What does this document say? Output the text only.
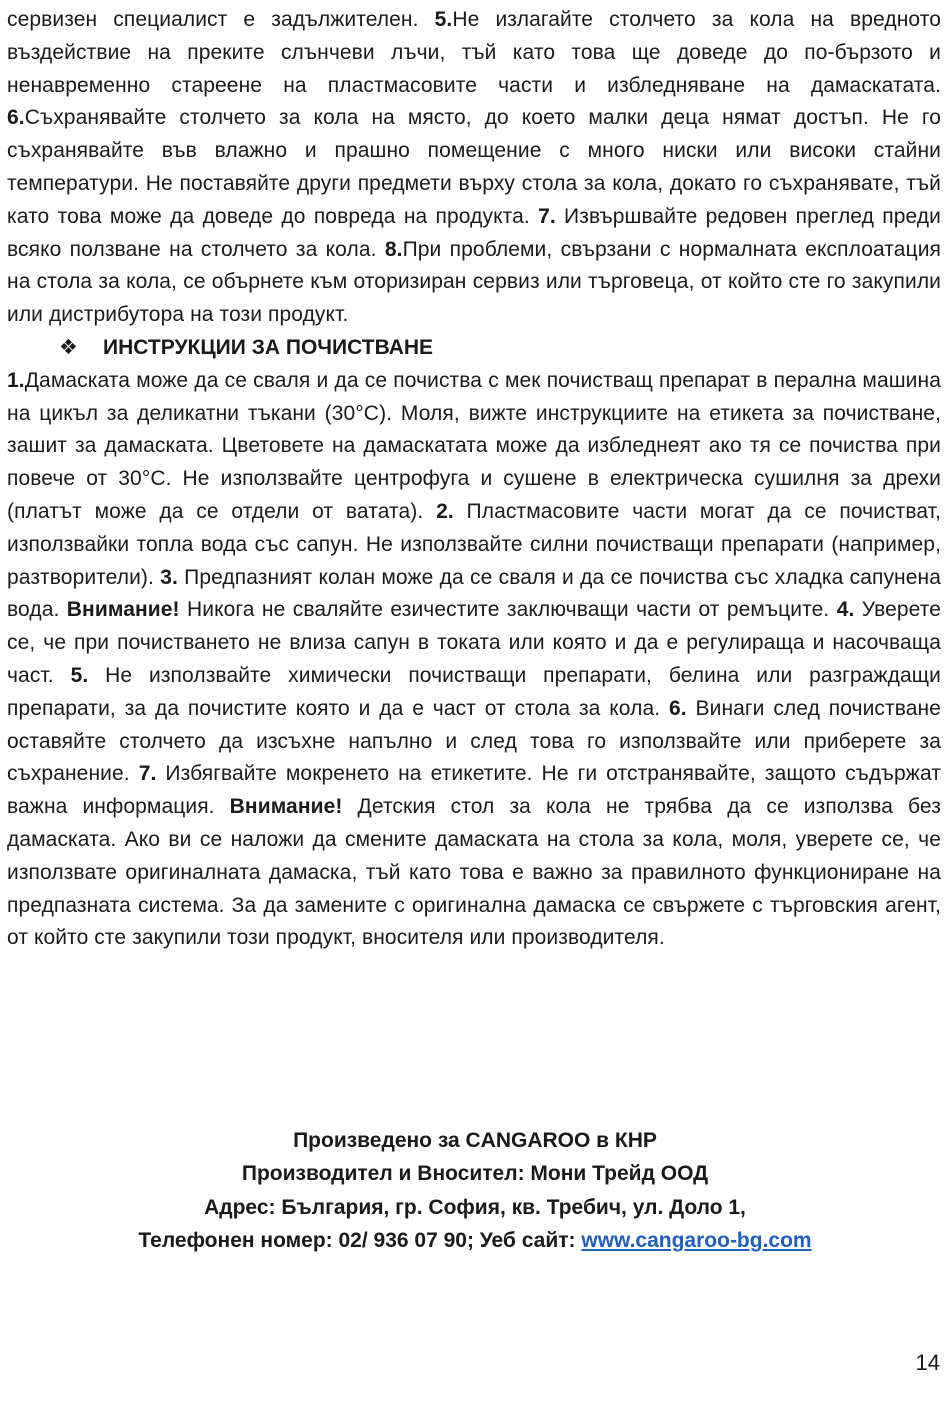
сервизен специалист е задължителен. 5.Не излагайте столчето за кола на вредното въздействие на преките слънчеви лъчи, тъй като това ще доведе до по-бързото и ненавременно стареене на пластмасовите части и избледняване на дамаскатата. 6.Съхранявайте столчето за кола на място, до което малки деца нямат достъп. Не го съхранявайте във влажно и прашно помещение с много ниски или високи стайни температури. Не поставяйте други предмети върху стола за кола, докато го съхранявате, тъй като това може да доведе до повреда на продукта. 7. Извършвайте редовен преглед преди всяко ползване на столчето за кола. 8.При проблеми, свързани с нормалната експлоатация на стола за кола, се обърнете към оторизиран сервиз или търговеца, от който сте го закупили или дистрибутора на този продукт.

❖ ИНСТРУКЦИИ ЗА ПОЧИСТВАНЕ

1.Дамаската може да се сваля и да се почиства с мек почистващ препарат в перална машина на цикъл за деликатни тъкани (30°C). Моля, вижте инструкциите на етикета за почистване, зашит за дамаската. Цветовете на дамаскатата може да избледнеят ако тя се почиства при повече от 30°C. Не използвайте центрофуга и сушене в електрическа сушилня за дрехи (платът може да се отдели от ватата). 2. Пластмасовите части могат да се почистват, използвайки топла вода със сапун. Не използвайте силни почистващи препарати (например, разтворители). 3. Предпазният колан може да се сваля и да се почиства със хладка сапунена вода. Внимание! Никога не сваляйте езичестите заключващи части от ремъците. 4. Уверете се, че при почистването не влиза сапун в токата или която и да е регулираща и насочваща част. 5. Не използвайте химически почистващи препарати, белина или разграждащи препарати, за да почистите която и да е част от стола за кола. 6. Винаги след почистване оставяйте столчето да изсъхне напълно и след това го използвайте или приберете за съхранение. 7. Избягвайте мокренето на етикетите. Не ги отстранявайте, защото съдържат важна информация. Внимание! Детския стол за кола не трябва да се използва без дамаската. Ако ви се наложи да смените дамаската на стола за кола, моля, уверете се, че използвате оригиналната дамаска, тъй като това е важно за правилното функциониране на предпазната система. За да замените с оригинална дамаска се свържете с търговския агент, от който сте закупили този продукт, вносителя или производителя.

Произведено за CANGAROO в КНР

Производител и Вносител: Мони Трейд ООД

Адрес: България, гр. София, кв. Требич, ул. Доло 1,

Телефонен номер: 02/ 936 07 90; Уеб сайт: www.cangaroo-bg.com

14
